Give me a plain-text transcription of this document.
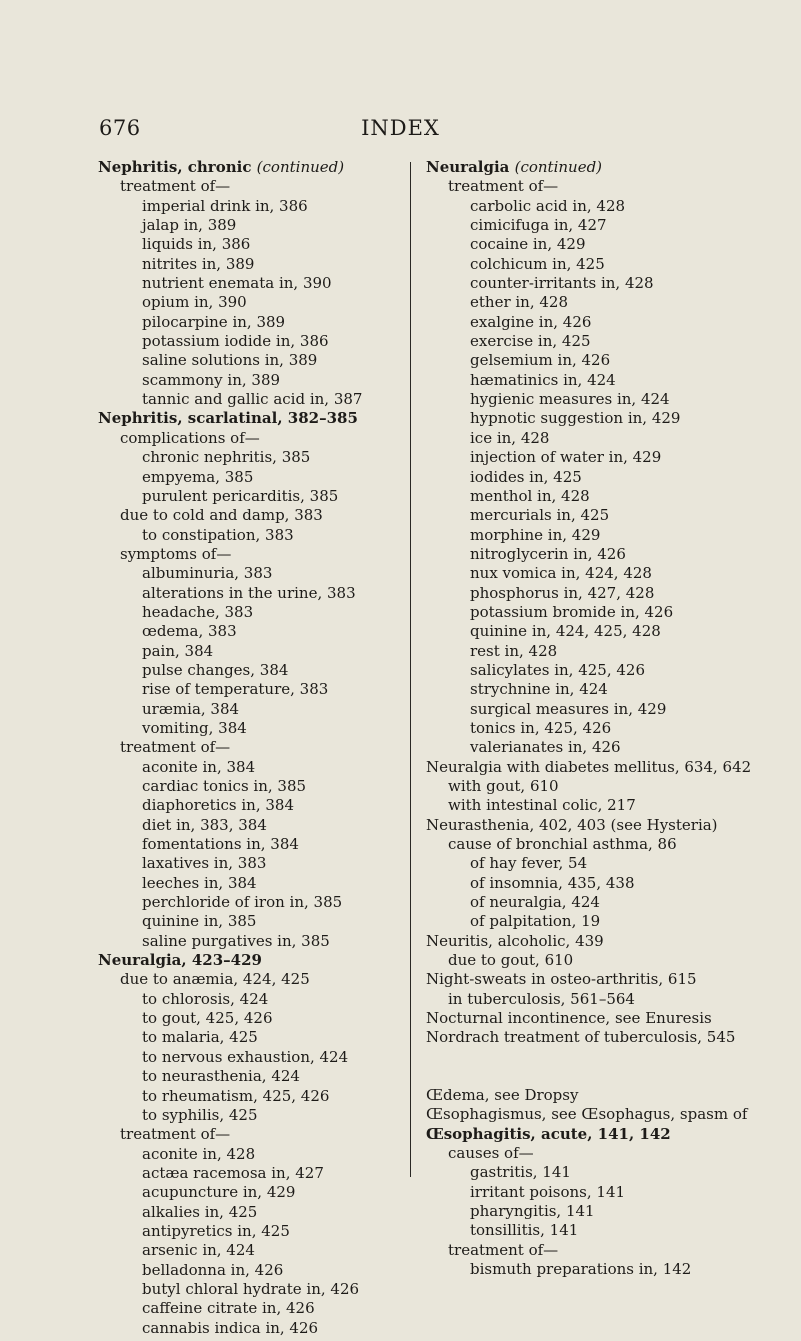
676	INDEX
Nephritis, chronic (continued)
treatment of—
imperial drink in, 386
jalap in, 389
liquids in, 386
nitrites in, 389
nutrient enemata in, 390
opium in, 390
pilocarpine in, 389
potassium iodide in, 386
saline solutions in, 389
scammony in, 389
tannic and gallic acid in, 387
Nephritis, scarlatinal, 382–385
complications of—
chronic nephritis, 385
empyema, 385
purulent pericarditis, 385
due to cold and damp, 383
to constipation, 383
symptoms of—
albuminuria, 383
alterations in the urine, 383
headache, 383
œdema, 383
pain, 384
pulse changes, 384
rise of temperature, 383
uræmia, 384
vomiting, 384
treatment of—
aconite in, 384
cardiac tonics in, 385
diaphoretics in, 384
diet in, 383, 384
fomentations in, 384
laxatives in, 383
leeches in, 384
perchloride of iron in, 385
quinine in, 385
saline purgatives in, 385
Neuralgia, 423–429
due to anæmia, 424, 425
to chlorosis, 424
to gout, 425, 426
to malaria, 425
to nervous exhaustion, 424
to neurasthenia, 424
to rheumatism, 425, 426
to syphilis, 425
treatment of—
aconite in, 428
actæa racemosa in, 427
acupuncture in, 429
alkalies in, 425
antipyretics in, 425
arsenic in, 424
belladonna in, 426
butyl chloral hydrate in, 426
caffeine citrate in, 426
cannabis indica in, 426
Neuralgia (continued)
treatment of—
carbolic acid in, 428
cimicifuga in, 427
cocaine in, 429
colchicum in, 425
counter-irritants in, 428
ether in, 428
exalgine in, 426
exercise in, 425
gelsemium in, 426
hæmatinics in, 424
hygienic measures in, 424
hypnotic suggestion in, 429
ice in, 428
injection of water in, 429
iodides in, 425
menthol in, 428
mercurials in, 425
morphine in, 429
nitroglycerin in, 426
nux vomica in, 424, 428
phosphorus in, 427, 428
potassium bromide in, 426
quinine in, 424, 425, 428
rest in, 428
salicylates in, 425, 426
strychnine in, 424
surgical measures in, 429
tonics in, 425, 426
valerianates in, 426
Neuralgia with diabetes mellitus, 634, 642
with gout, 610
with intestinal colic, 217
Neurasthenia, 402, 403 (see Hysteria)
cause of bronchial asthma, 86
of hay fever, 54
of insomnia, 435, 438
of neuralgia, 424
of palpitation, 19
Neuritis, alcoholic, 439
due to gout, 610
Night-sweats in osteo-arthritis, 615
in tuberculosis, 561–564
Nocturnal incontinence, see Enuresis
Nordrach treatment of tuberculosis, 545
Œdema, see Dropsy
Œsophagismus, see Œsophagus, spasm of
Œsophagitis, acute, 141, 142
causes of—
gastritis, 141
irritant poisons, 141
pharyngitis, 141
tonsillitis, 141
treatment of—
bismuth preparations in, 142
